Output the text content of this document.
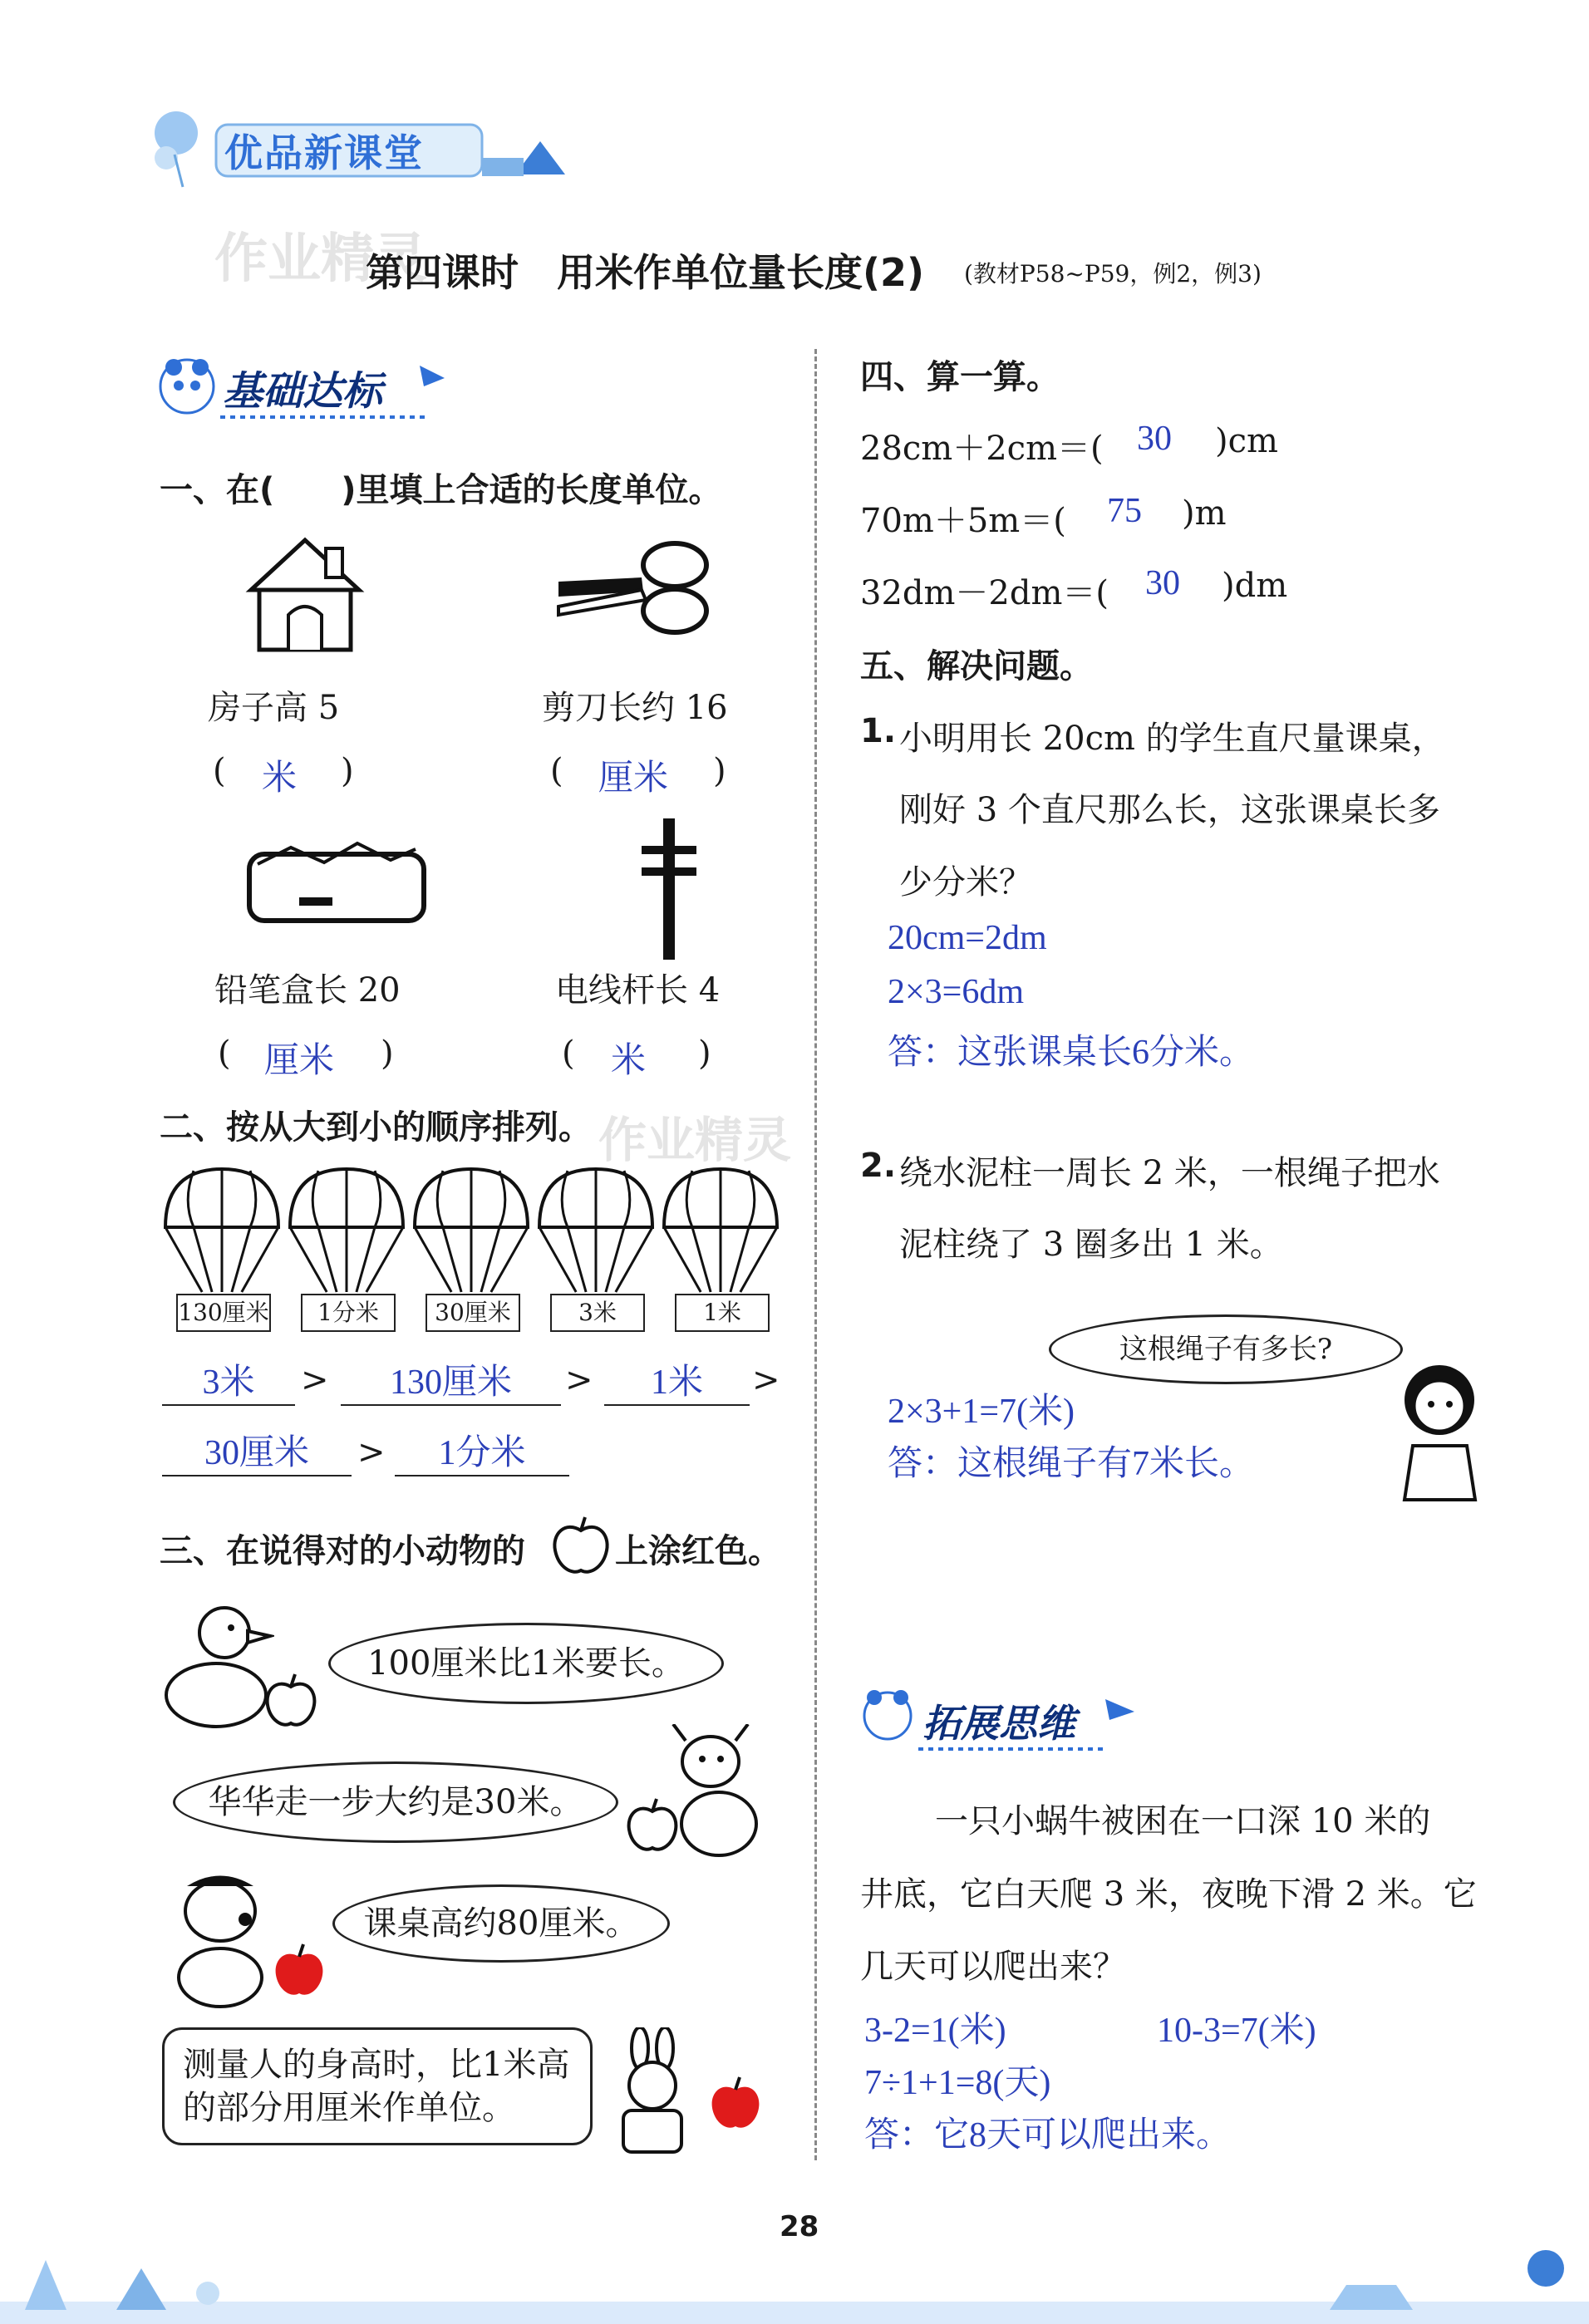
优品新课堂
作业精灵
第四课时　用米作单位量长度(2) (教材P58~P59，例2，例3)
基础达标
一、在(　　)里填上合适的长度单位。
房子高 5
( 米 )
剪刀长约 16
( 厘米 )
铅笔盒长 20
( 厘米 )
电线杆长 4
( 米 )
二、按从大到小的顺序排列。 作业精灵
130厘米	1分米	30厘米	3米	1米
3米	>	130厘米	>	1米	>
30厘米	>	1分米
三、在说得对的小动物的	上涂红色。
100厘米比1米要长。
华华走一步大约是30米。
课桌高约80厘米。
测量人的身高时，比1米高的部分用厘米作单位。
四、算一算。
28cm＋2cm＝( 30 )cm
70m＋5m＝( 75 )m
32dm－2dm＝( 30 )dm
五、解决问题。
1. 小明用长 20cm 的学生直尺量课桌，
刚好 3 个直尺那么长，这张课桌长多
少分米？
20cm=2dm
2×3=6dm
答：这张课桌长6分米。
2. 绕水泥柱一周长 2 米，一根绳子把水
泥柱绕了 3 圈多出 1 米。
这根绳子有多长?
2×3+1=7(米)
答：这根绳子有7米长。
拓展思维
一只小蜗牛被困在一口深 10 米的
井底，它白天爬 3 米，夜晚下滑 2 米。它
几天可以爬出来？
3-2=1(米)	10-3=7(米)
7÷1+1=8(天)
答：它8天可以爬出来。
28
